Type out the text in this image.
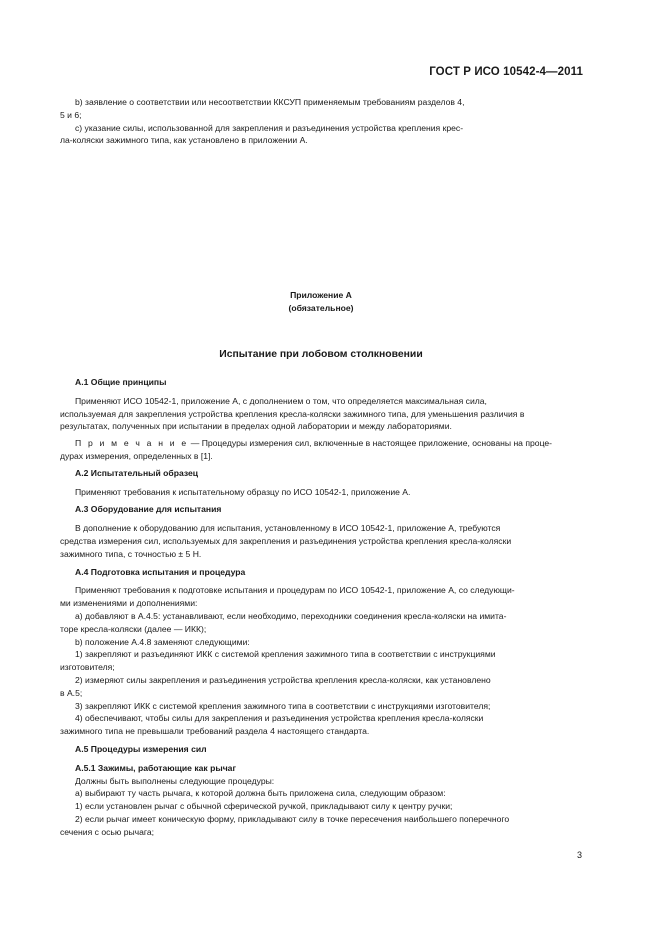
ГОСТ Р ИСО 10542-4—2011

b) заявление о соответствии или несоответствии ККСУП применяемым требованиям разделов 4,

5 и 6;

c) указание силы, использованной для закрепления и разъединения устройства крепления крес-

ла-коляски зажимного типа, как установлено в приложении А.

Приложение А
(обязательное)
Испытание при лобовом столкновении

А.1 Общие принципы

Применяют ИСО 10542-1, приложение А, с дополнением о том, что определяется максимальная сила,

используемая для закрепления устройства крепления кресла-коляски зажимного типа, для уменьшения различия в

результатах, полученных при испытании в пределах одной лаборатории и между лабораториями.

П р и м е ч а н и е — Процедуры измерения сил, включенные в настоящее приложение, основаны на проце-

дурах измерения, определенных в [1].

А.2 Испытательный образец

Применяют требования к испытательному образцу по ИСО 10542-1, приложение А.

А.3 Оборудование для испытания

В дополнение к оборудованию для испытания, установленному в ИСО 10542-1, приложение А, требуются

средства измерения сил, используемых для закрепления и разъединения устройства крепления кресла-коляски

зажимного типа, с точностью ± 5 Н.

А.4 Подготовка испытания и процедура

Применяют требования к подготовке испытания и процедурам по ИСО 10542-1, приложение А, со следующи-

ми изменениями и дополнениями:

а) добавляют в А.4.5: устанавливают, если необходимо, переходники соединения кресла-коляски на имита-

торе кресла-коляски (далее — ИКК);

b) положение А.4.8 заменяют следующими:

1) закрепляют и разъединяют ИКК с системой крепления зажимного типа в соответствии с инструкциями

изготовителя;

2) измеряют силы закрепления и разъединения устройства крепления кресла-коляски, как установлено

в А.5;

3) закрепляют ИКК с системой крепления зажимного типа в соответствии с инструкциями изготовителя;

4) обеспечивают, чтобы силы для закрепления и разъединения устройства крепления кресла-коляски

зажимного типа не превышали требований раздела 4 настоящего стандарта.

А.5 Процедуры измерения сил

А.5.1 Зажимы, работающие как рычаг

Должны быть выполнены следующие процедуры:

а) выбирают ту часть рычага, к которой должна быть приложена сила, следующим образом:

1) если установлен рычаг с обычной сферической ручкой, прикладывают силу к центру ручки;

2) если рычаг имеет коническую форму, прикладывают силу в точке пересечения наибольшего поперечного

сечения с осью рычага;

3
